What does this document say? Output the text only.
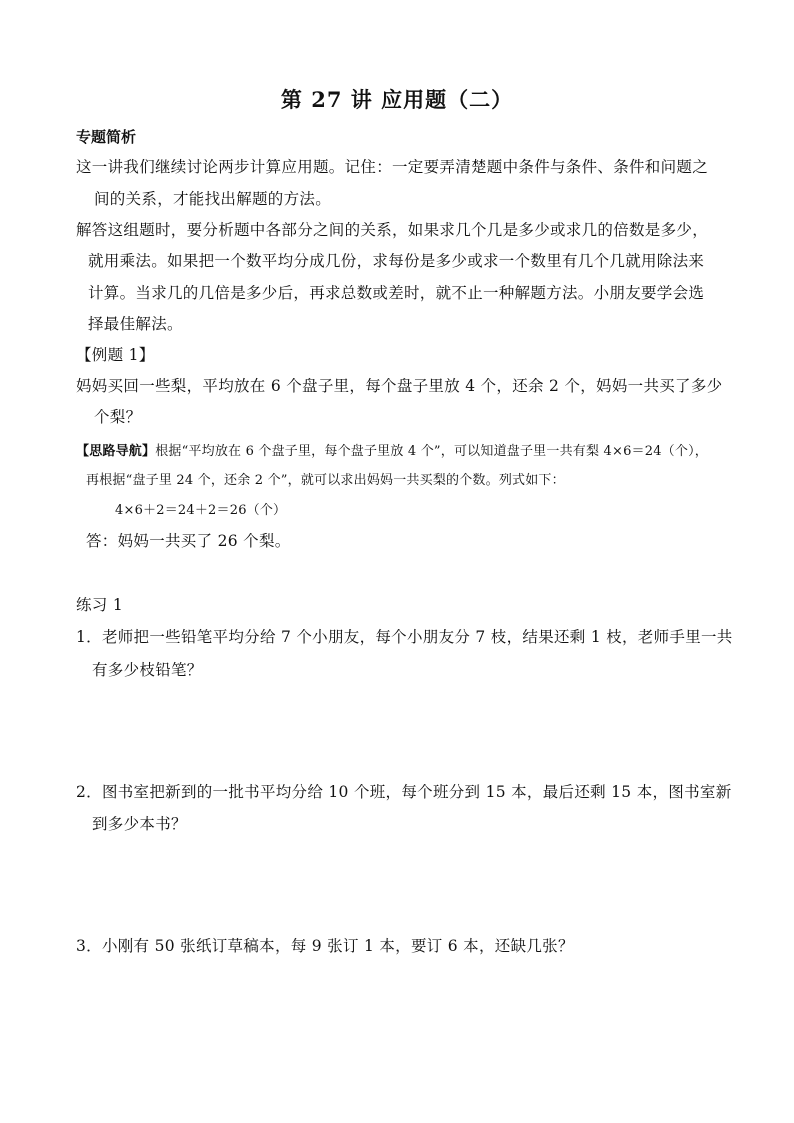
第 27 讲 应用题（二）
专题简析
这一讲我们继续讨论两步计算应用题。记住：一定要弄清楚题中条件与条件、条件和问题之
间的关系，才能找出解题的方法。
解答这组题时，要分析题中各部分之间的关系，如果求几个几是多少或求几的倍数是多少，
就用乘法。如果把一个数平均分成几份，求每份是多少或求一个数里有几个几就用除法来
计算。当求几的几倍是多少后，再求总数或差时，就不止一种解题方法。小朋友要学会选
择最佳解法。
【例题 1】
妈妈买回一些梨，平均放在 6 个盘子里，每个盘子里放 4 个，还余 2 个，妈妈一共买了多少
个梨？
【思路导航】根据“平均放在 6 个盘子里，每个盘子里放 4 个”，可以知道盘子里一共有梨 4×6＝24（个），
再根据“盘子里 24 个，还余 2 个”，就可以求出妈妈一共买梨的个数。列式如下：
4×6＋2＝24＋2＝26（个）
答：妈妈一共买了 26 个梨。
练习 1
1．老师把一些铅笔平均分给 7 个小朋友，每个小朋友分 7 枝，结果还剩 1 枝，老师手里一共
有多少枝铅笔？
2．图书室把新到的一批书平均分给 10 个班，每个班分到 15 本，最后还剩 15 本，图书室新
到多少本书？
3．小刚有 50 张纸订草稿本，每 9 张订 1 本，要订 6 本，还缺几张？
